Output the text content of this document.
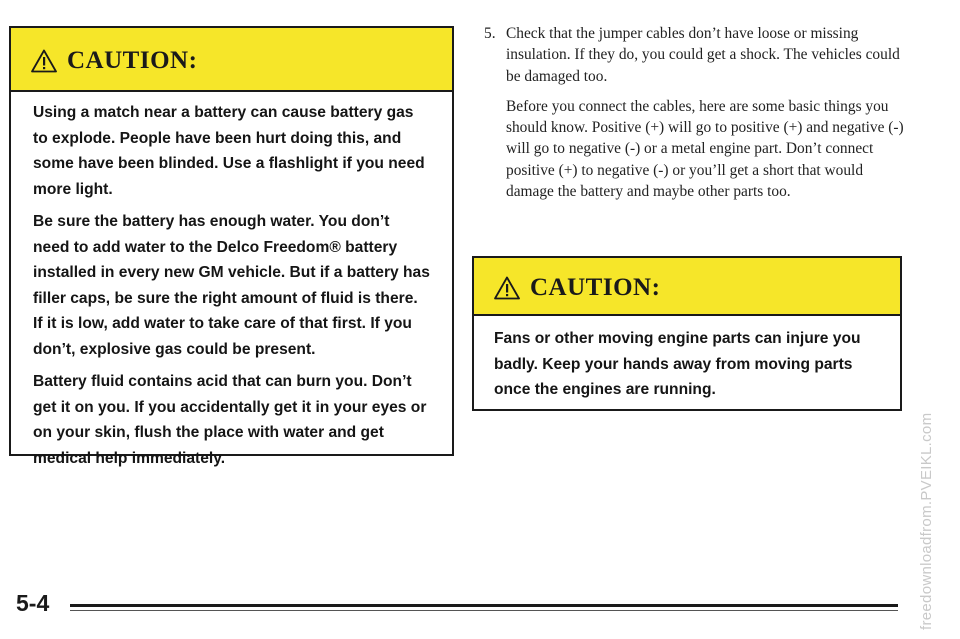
CAUTION:

Using a match near a battery can cause battery gas to explode. People have been hurt doing this, and some have been blinded. Use a flashlight if you need more light.

Be sure the battery has enough water. You don’t need to add water to the Delco Freedom® battery installed in every new GM vehicle. But if a battery has filler caps, be sure the right amount of fluid is there. If it is low, add water to take care of that first. If you don’t, explosive gas could be present.

Battery fluid contains acid that can burn you. Don’t get it on you. If you accidentally get it in your eyes or on your skin, flush the place with water and get medical help immediately.

5. Check that the jumper cables don’t have loose or missing insulation. If they do, you could get a shock. The vehicles could be damaged too.

Before you connect the cables, here are some basic things you should know. Positive (+) will go to positive (+) and negative (-) will go to negative (-) or a metal engine part. Don’t connect positive (+) to negative (-) or you’ll get a short that would damage the battery and maybe other parts too.

CAUTION:

Fans or other moving engine parts can injure you badly. Keep your hands away from moving parts once the engines are running.

5-4	freedownloadfrom.PVEIKL.com
